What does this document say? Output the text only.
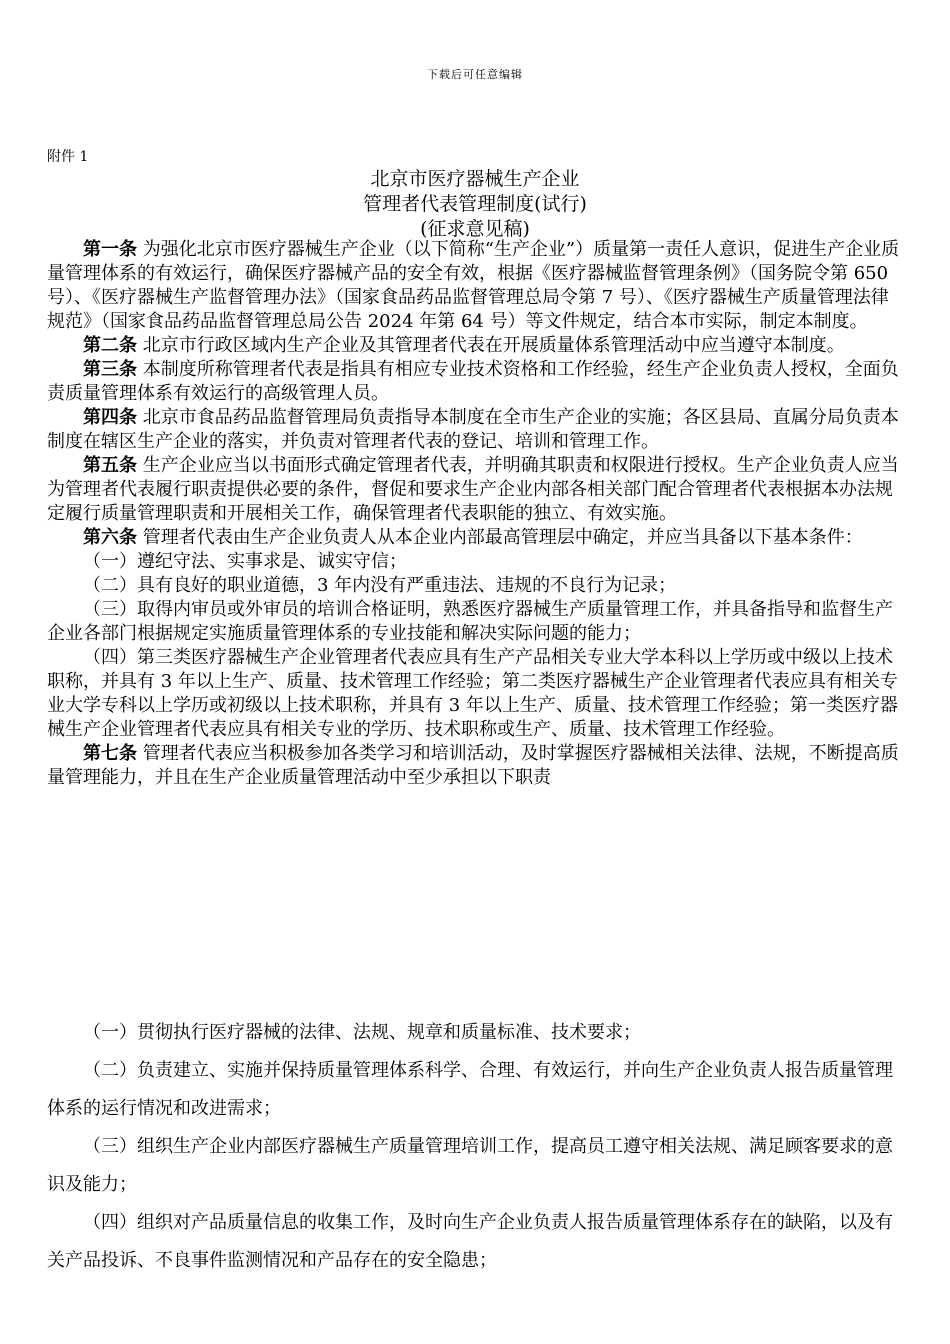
下载后可任意编辑
附件 1
北京市医疗器械生产企业
管理者代表管理制度(试行)
(征求意见稿)

第一条 为强化北京市医疗器械生产企业（以下简称“生产企业”）质量第一责任人意识，促进生产企业质量管理体系的有效运行，确保医疗器械产品的安全有效，根据《医疗器械监督管理条例》（国务院令第 650 号）、《医疗器械生产监督管理办法》（国家食品药品监督管理总局令第 7 号）、《医疗器械生产质量管理法律规范》（国家食品药品监督管理总局公告 2024 年第 64 号）等文件规定，结合本市实际，制定本制度。

第二条 北京市行政区域内生产企业及其管理者代表在开展质量体系管理活动中应当遵守本制度。

第三条 本制度所称管理者代表是指具有相应专业技术资格和工作经验，经生产企业负责人授权，全面负责质量管理体系有效运行的高级管理人员。

第四条 北京市食品药品监督管理局负责指导本制度在全市生产企业的实施；各区县局、直属分局负责本制度在辖区生产企业的落实，并负责对管理者代表的登记、培训和管理工作。

第五条 生产企业应当以书面形式确定管理者代表，并明确其职责和权限进行授权。生产企业负责人应当为管理者代表履行职责提供必要的条件，督促和要求生产企业内部各相关部门配合管理者代表根据本办法规定履行质量管理职责和开展相关工作，确保管理者代表职能的独立、有效实施。

第六条 管理者代表由生产企业负责人从本企业内部最高管理层中确定，并应当具备以下基本条件：

（一）遵纪守法、实事求是、诚实守信；

（二）具有良好的职业道德，3 年内没有严重违法、违规的不良行为记录；

（三）取得内审员或外审员的培训合格证明，熟悉医疗器械生产质量管理工作，并具备指导和监督生产企业各部门根据规定实施质量管理体系的专业技能和解决实际问题的能力；

（四）第三类医疗器械生产企业管理者代表应具有生产产品相关专业大学本科以上学历或中级以上技术职称，并具有 3 年以上生产、质量、技术管理工作经验；第二类医疗器械生产企业管理者代表应具有相关专业大学专科以上学历或初级以上技术职称，并具有 3 年以上生产、质量、技术管理工作经验；第一类医疗器械生产企业管理者代表应具有相关专业的学历、技术职称或生产、质量、技术管理工作经验。

第七条 管理者代表应当积极参加各类学习和培训活动，及时掌握医疗器械相关法律、法规，不断提高质量管理能力，并且在生产企业质量管理活动中至少承担以下职责

（一）贯彻执行医疗器械的法律、法规、规章和质量标准、技术要求；

（二）负责建立、实施并保持质量管理体系科学、合理、有效运行，并向生产企业负责人报告质量管理体系的运行情况和改进需求；

（三）组织生产企业内部医疗器械生产质量管理培训工作，提高员工遵守相关法规、满足顾客要求的意识及能力；

（四）组织对产品质量信息的收集工作，及时向生产企业负责人报告质量管理体系存在的缺陷，以及有关产品投诉、不良事件监测情况和产品存在的安全隐患；
